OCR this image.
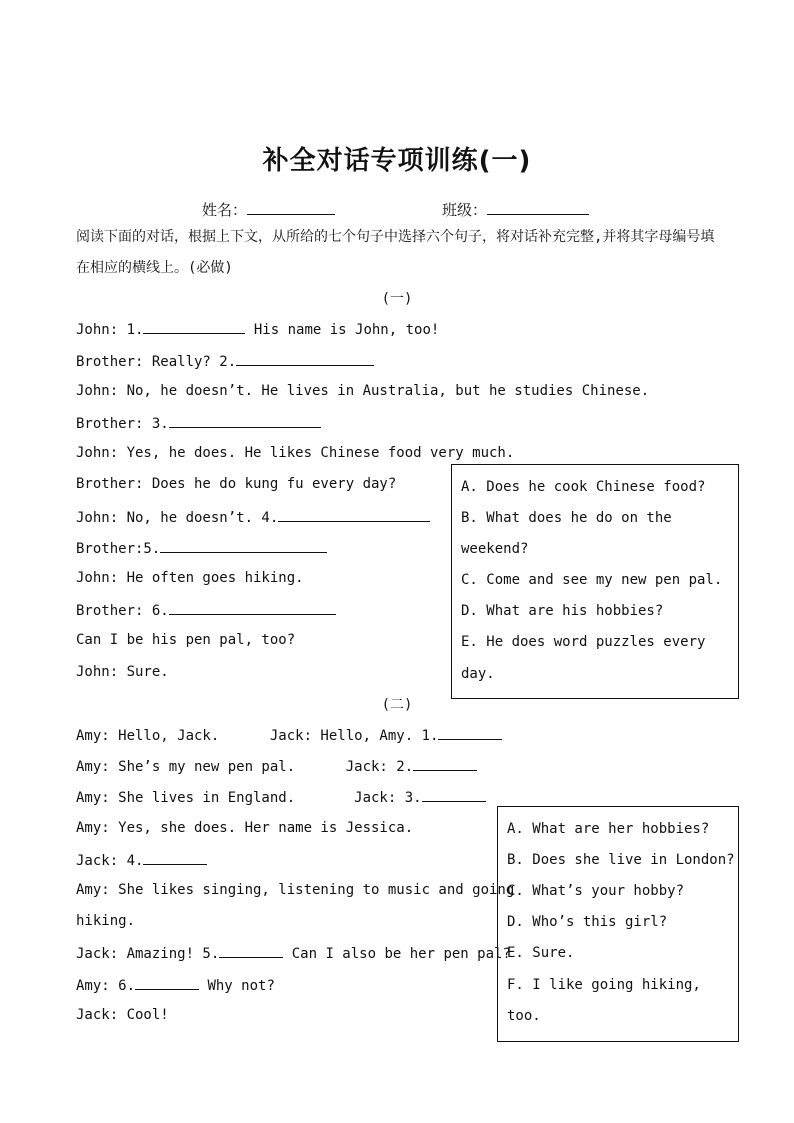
补全对话专项训练(一)
姓名：	班级：
阅读下面的对话，根据上下文，从所给的七个句子中选择六个句子，将对话补充完整,并将其字母编号填在相应的横线上。(必做)
(一)
John: 1.	His name is John, too!
Brother: Really? 2.
John: No, he doesn’t. He lives in Australia, but he studies Chinese.
Brother: 3.
John: Yes, he does. He likes Chinese food very much.
Brother: Does he do kung fu every day?
John: No, he doesn’t. 4.
Brother:5.
John: He often goes hiking.
Brother: 6.
Can I be his pen pal, too?
John: Sure.
A. Does he cook Chinese food?
B. What does he do on the
weekend?
C. Come and see my new pen pal.
D. What are his hobbies?
E. He does word puzzles every
day.
(二)
Amy: Hello, Jack.      Jack: Hello, Amy. 1.
Amy: She’s my new pen pal.      Jack: 2.
Amy: She lives in England.       Jack: 3.
Amy: Yes, she does. Her name is Jessica.
Jack: 4.
Amy: She likes singing, listening to music and going
hiking.
Jack: Amazing! 5.	Can I also be her pen pal?
Amy: 6.	Why not?
Jack: Cool!
A. What are her hobbies?
B. Does she live in London?
C. What’s your hobby?
D. Who’s this girl?
E. Sure.
F. I like going hiking,
too.
